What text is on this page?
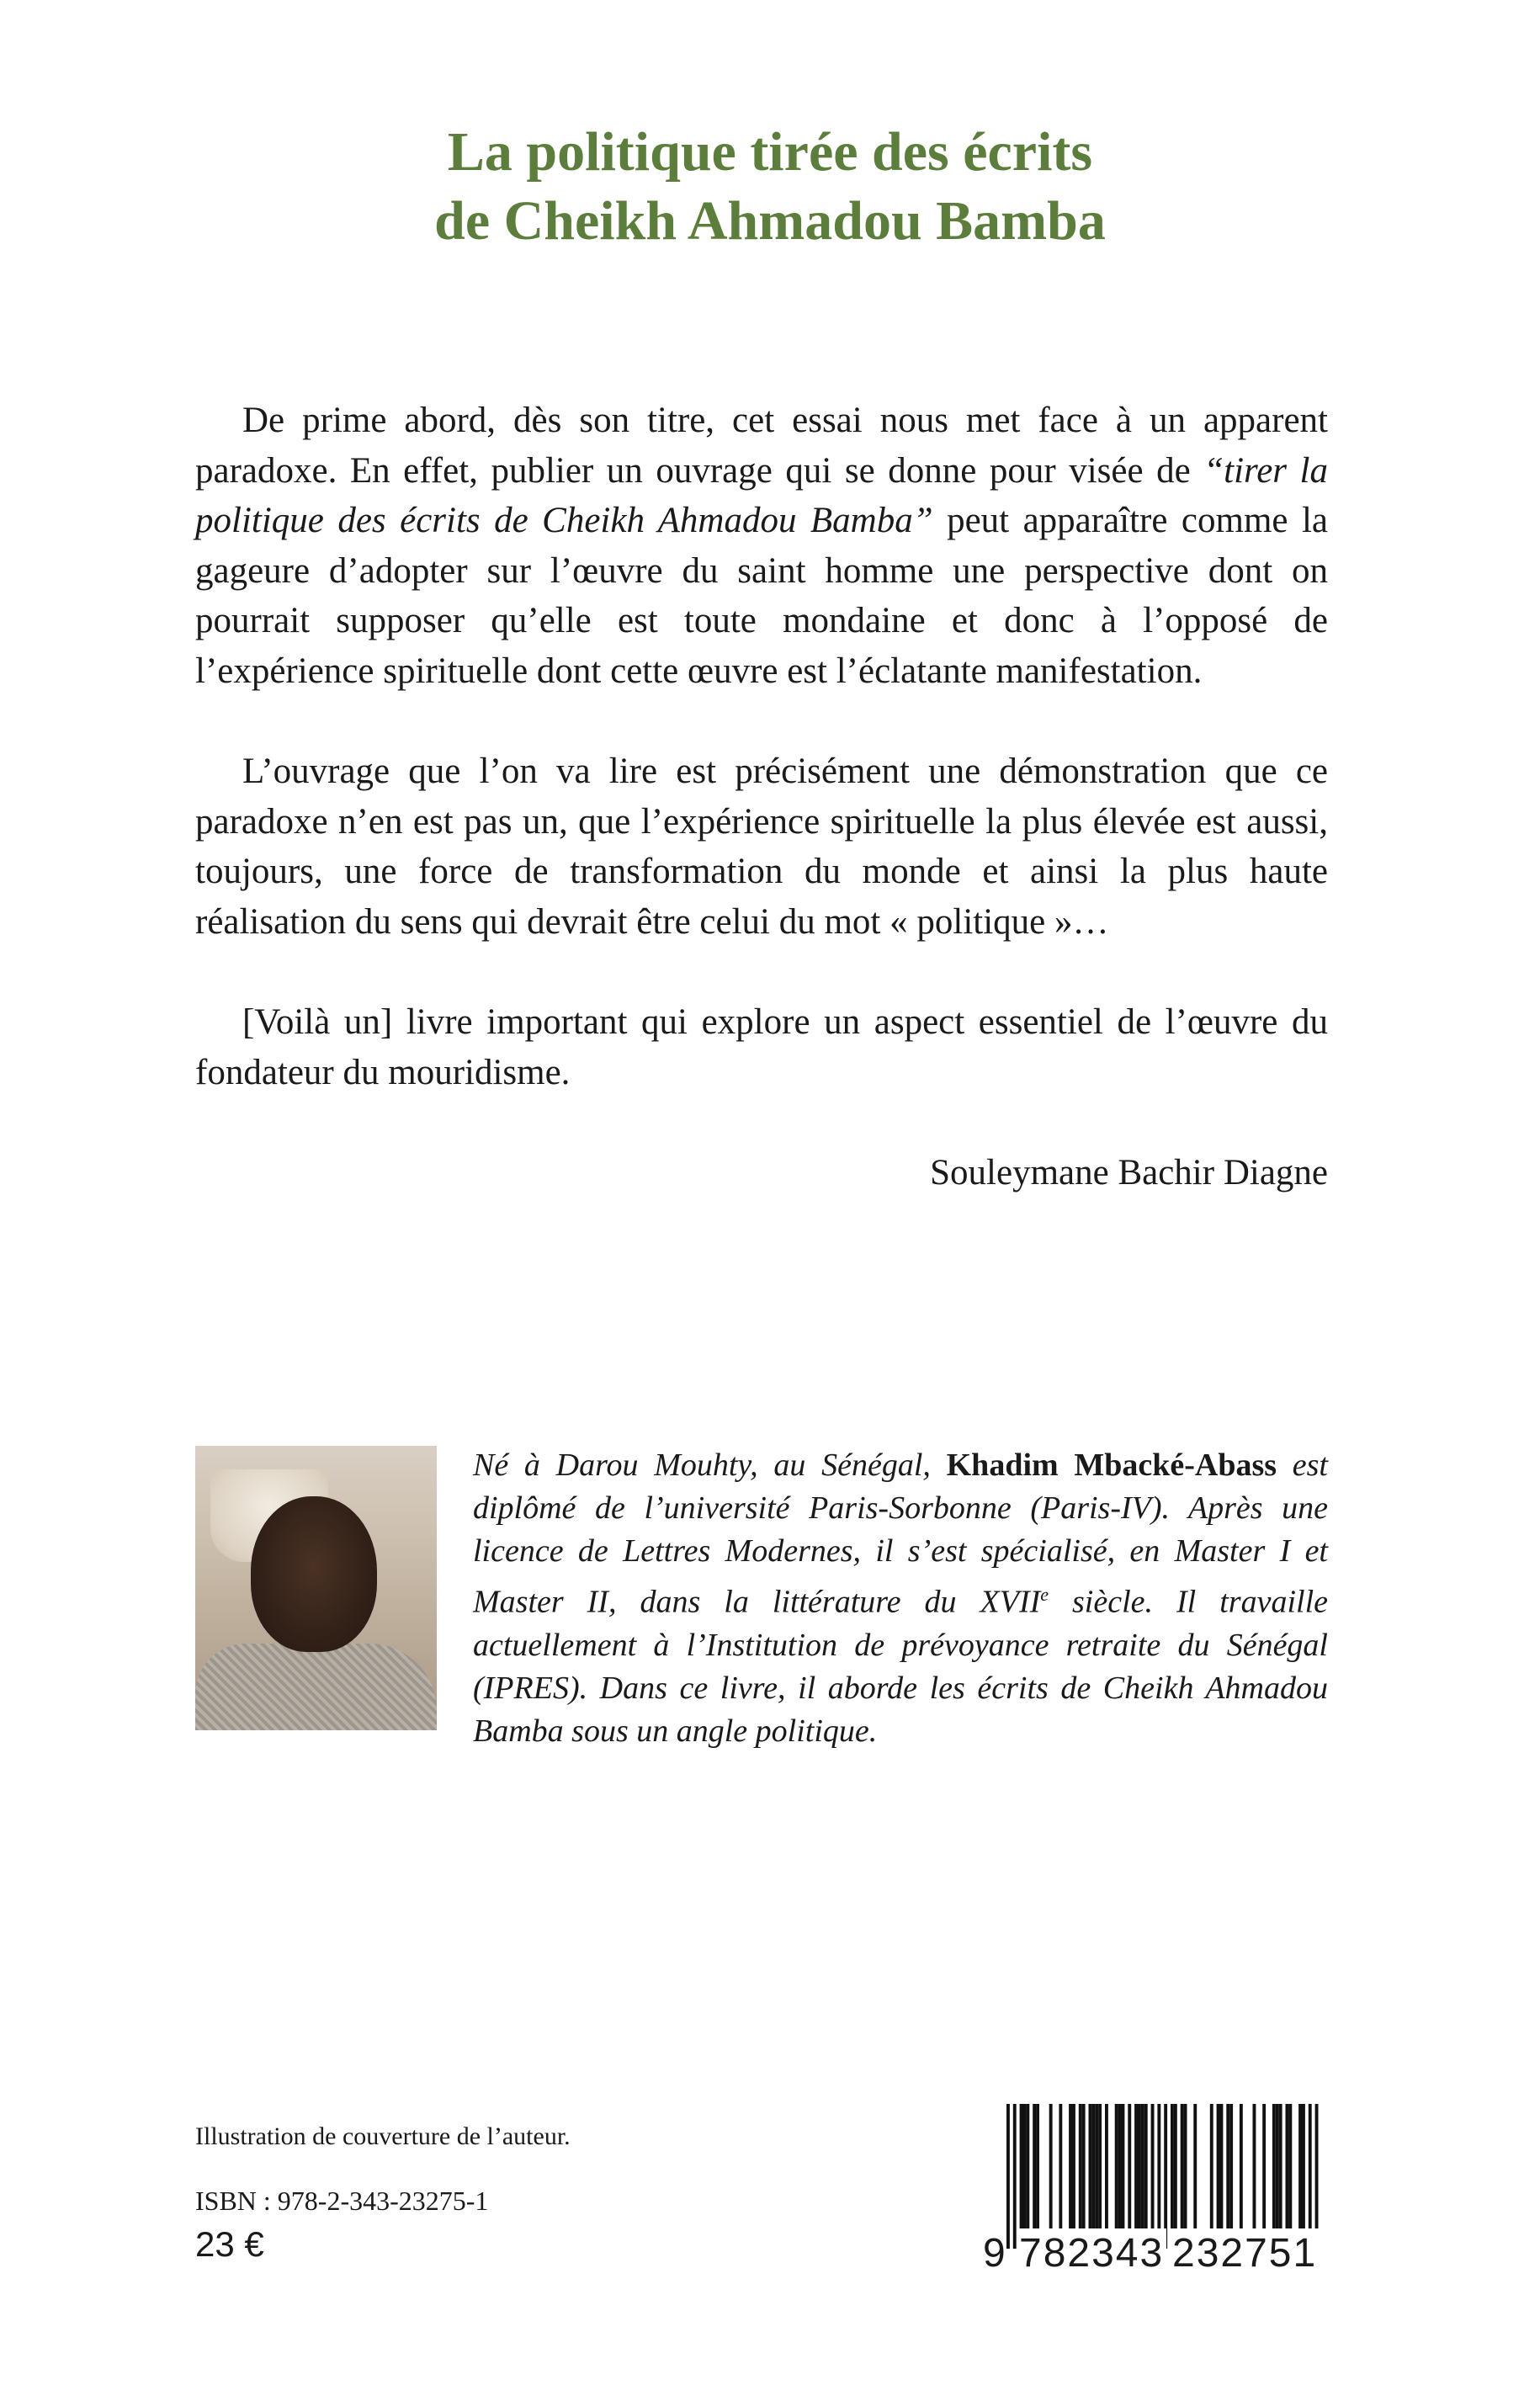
La politique tirée des écrits
de Cheikh Ahmadou Bamba

De prime abord, dès son titre, cet essai nous met face à un apparent paradoxe. En effet, publier un ouvrage qui se donne pour visée de “tirer la politique des écrits de Cheikh Ahmadou Bamba” peut apparaître comme la gageure d’adopter sur l’œuvre du saint homme une perspective dont on pourrait supposer qu’elle est toute mondaine et donc à l’opposé de l’expérience spirituelle dont cette œuvre est l’éclatante manifestation.

L’ouvrage que l’on va lire est précisément une démonstration que ce paradoxe n’en est pas un, que l’expérience spirituelle la plus élevée est aussi, toujours, une force de transformation du monde et ainsi la plus haute réalisation du sens qui devrait être celui du mot « politique »…

[Voilà un] livre important qui explore un aspect essentiel de l’œuvre du fondateur du mouridisme.

Souleymane Bachir Diagne

Né à Darou Mouhty, au Sénégal, Khadim Mbacké-Abass est diplômé de l’université Paris-Sorbonne (Paris-IV). Après une licence de Lettres Modernes, il s’est spécialisé, en Master I et Master II, dans la littérature du XVIIe siècle. Il travaille actuellement à l’Institution de prévoyance retraite du Sénégal (IPRES). Dans ce livre, il aborde les écrits de Cheikh Ahmadou Bamba sous un angle politique.
Illustration de couverture de l’auteur.
ISBN : 978-2-343-23275-1
23 €	9 782343 232751
